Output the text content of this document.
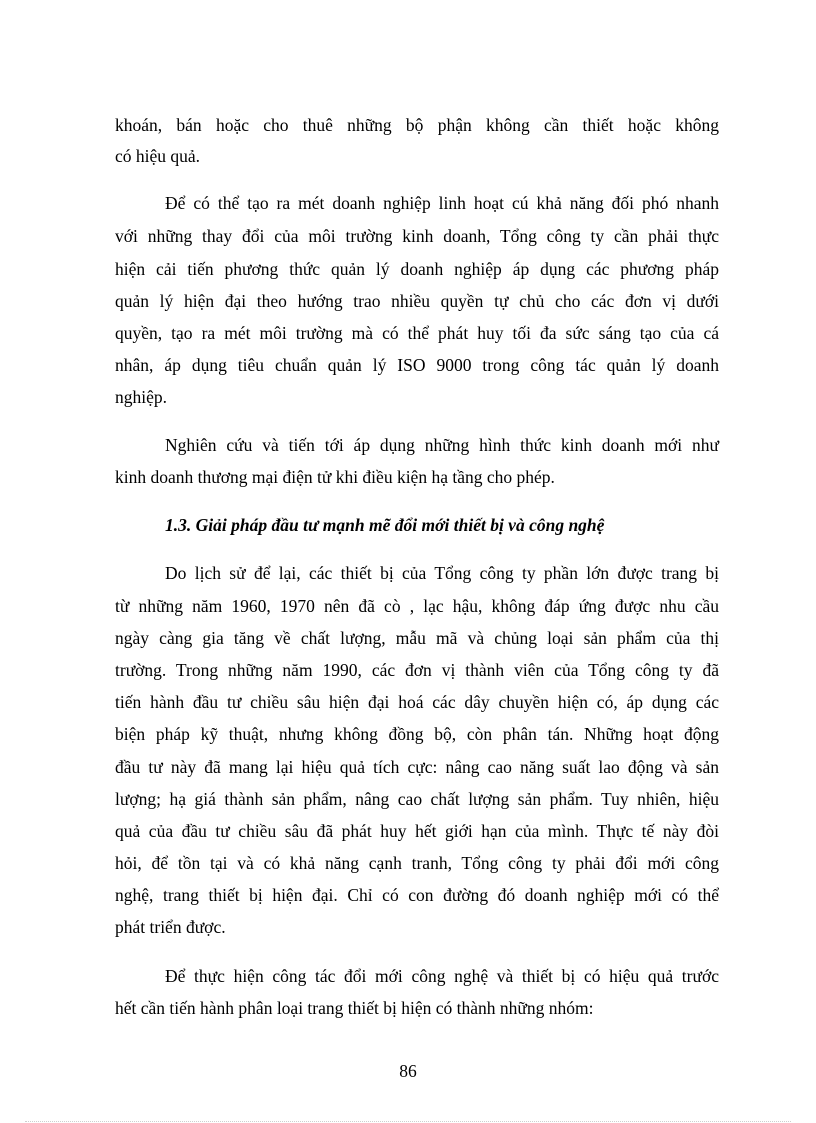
khoán, bán hoặc cho thuê những bộ phận không cần thiết hoặc không
có hiệu quả.
Để có thể tạo ra mét doanh nghiệp linh hoạt cú khả năng đối phó nhanh
với những thay đổi của môi trường kinh doanh, Tổng công ty cần phải thực
hiện cải tiến phương thức quản lý doanh nghiệp áp dụng các phương pháp
quản lý hiện đại theo hướng trao nhiều quyền tự chủ cho các đơn vị dưới
quyền, tạo ra mét môi trường mà có thể phát huy tối đa sức sáng tạo của cá
nhân, áp dụng tiêu chuẩn quản lý ISO 9000 trong công tác quản lý doanh
nghiệp.
Nghiên cứu và tiến tới áp dụng những hình thức kinh doanh mới như
kinh doanh thương mại điện tử khi điều kiện hạ tầng cho phép.
1.3. Giải pháp đầu tư mạnh mẽ đổi mới thiết bị và công nghệ
Do lịch sử để lại, các thiết bị của Tổng công ty phần lớn được trang bị
từ những năm 1960, 1970 nên đã cò , lạc hậu, không đáp ứng được nhu cầu
ngày càng gia tăng về chất lượng, mẫu mã và chủng loại sản phẩm của thị
trường. Trong những năm 1990, các đơn vị thành viên của Tổng công ty đã
tiến hành đầu tư chiều sâu hiện đại hoá các dây chuyền hiện có, áp dụng các
biện pháp kỹ thuật, nhưng không đồng bộ, còn phân tán. Những hoạt động
đầu tư này đã mang lại hiệu quả tích cực: nâng cao năng suất lao động và sản
lượng; hạ giá thành sản phẩm, nâng cao chất lượng sản phẩm. Tuy nhiên, hiệu
quả của đầu tư chiều sâu đã phát huy hết giới hạn của mình. Thực tế này đòi
hỏi, để tồn tại và có khả năng cạnh tranh, Tổng công ty phải đổi mới công
nghệ, trang thiết bị hiện đại. Chỉ có con đường đó doanh nghiệp mới có thể
phát triển được.
Để thực hiện công tác đổi mới công nghệ và thiết bị có hiệu quả trước
hết cần tiến hành phân loại trang thiết bị hiện có thành những nhóm:
86
